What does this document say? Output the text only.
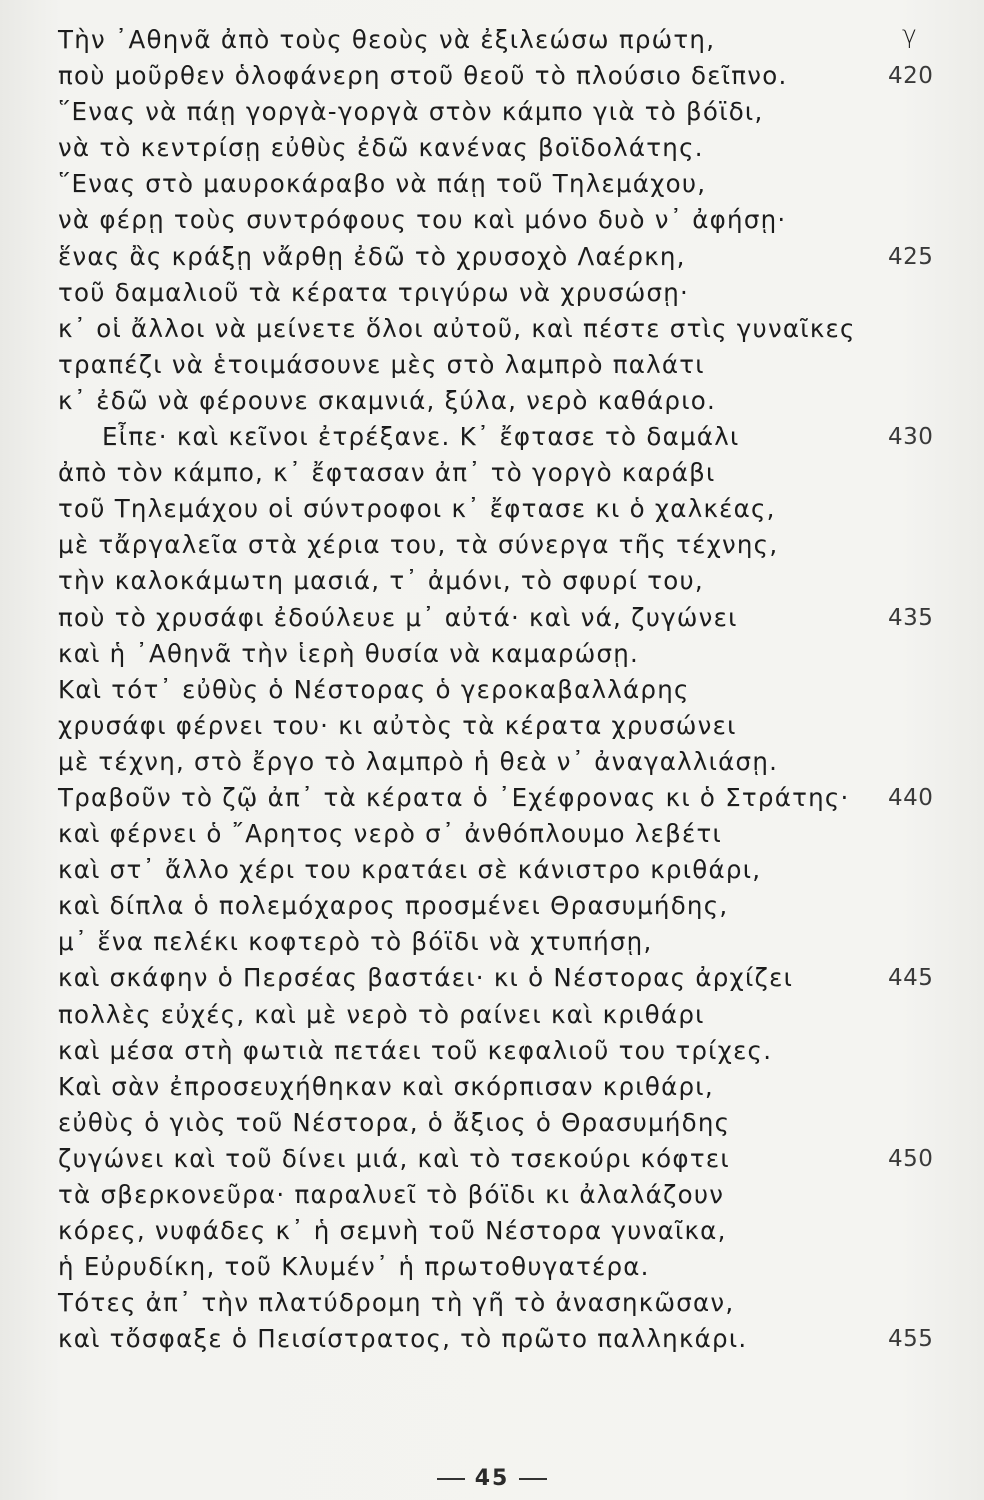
γ
Τὴν ᾽Αθηνᾶ ἀπὸ τοὺς θεοὺς νὰ ἐξιλεώσω πρώτη,
ποὺ μοῦρθεν ὁλοφάνερη στοῦ θεοῦ τὸ πλούσιο δεῖπνο.	420
῞Ενας νὰ πάῃ γοργὰ-γοργὰ στὸν κάμπο γιὰ τὸ βόϊδι,
νὰ τὸ κεντρίσῃ εὐθὺς ἐδῶ κανένας βοϊδολάτης.
῞Ενας στὸ μαυροκάραβο νὰ πάῃ τοῦ Τηλεμάχου,
νὰ φέρῃ τοὺς συντρόφους του καὶ μόνο δυὸ ν᾽ ἀφήσῃ·
ἕνας ἂς κράξῃ νἄρθῃ ἐδῶ τὸ χρυσοχὸ Λαέρκη,	425
τοῦ δαμαλιοῦ τὰ κέρατα τριγύρω νὰ χρυσώσῃ·
κ᾽ οἱ ἄλλοι νὰ μείνετε ὅλοι αὐτοῦ, καὶ πέστε στὶς γυναῖκες
τραπέζι νὰ ἑτοιμάσουνε μὲς στὸ λαμπρὸ παλάτι
κ᾽ ἐδῶ νὰ φέρουνε σκαμνιά, ξύλα, νερὸ καθάριο.
Εἶπε· καὶ κεῖνοι ἐτρέξανε. Κ᾽ ἔφτασε τὸ δαμάλι	430
ἀπὸ τὸν κάμπο, κ᾽ ἔφτασαν ἀπ᾽ τὸ γοργὸ καράβι
τοῦ Τηλεμάχου οἱ σύντροφοι κ᾽ ἔφτασε κι ὁ χαλκέας,
μὲ τἄργαλεῖα στὰ χέρια του, τὰ σύνεργα τῆς τέχνης,
τὴν καλοκάμωτη μασιά, τ᾽ ἀμόνι, τὸ σφυρί του,
ποὺ τὸ χρυσάφι ἐδούλευε μ᾽ αὐτά· καὶ νά, ζυγώνει	435
καὶ ἡ ᾽Αθηνᾶ τὴν ἱερὴ θυσία νὰ καμαρώσῃ.
Καὶ τότ᾽ εὐθὺς ὁ Νέστορας ὁ γεροκαβαλλάρης
χρυσάφι φέρνει του· κι αὐτὸς τὰ κέρατα χρυσώνει
μὲ τέχνη, στὸ ἔργο τὸ λαμπρὸ ἡ θεὰ ν᾽ ἀναγαλλιάσῃ.
Τραβοῦν τὸ ζῷ ἀπ᾽ τὰ κέρατα ὁ ᾽Εχέφρονας κι ὁ Στράτης· 440
καὶ φέρνει ὁ ῎Αρητος νερὸ σ᾽ ἀνθόπλουμο λεβέτι
καὶ στ᾽ ἄλλο χέρι του κρατάει σὲ κάνιστρο κριθάρι,
καὶ δίπλα ὁ πολεμόχαρος προσμένει Θρασυμήδης,
μ᾽ ἕνα πελέκι κοφτερὸ τὸ βόϊδι νὰ χτυπήσῃ,
καὶ σκάφην ὁ Περσέας βαστάει· κι ὁ Νέστορας ἀρχίζει	445
πολλὲς εὐχές, καὶ μὲ νερὸ τὸ ραίνει καὶ κριθάρι
καὶ μέσα στὴ φωτιὰ πετάει τοῦ κεφαλιοῦ του τρίχες.
Καὶ σὰν ἐπροσευχήθηκαν καὶ σκόρπισαν κριθάρι,
εὐθὺς ὁ γιὸς τοῦ Νέστορα, ὁ ἄξιος ὁ Θρασυμήδης
ζυγώνει καὶ τοῦ δίνει μιά, καὶ τὸ τσεκούρι κόφτει	450
τὰ σβερκονεῦρα· παραλυεῖ τὸ βόϊδι κι ἀλαλάζουν
κόρες, νυφάδες κ᾽ ἡ σεμνὴ τοῦ Νέστορα γυναῖκα,
ἡ Εὐρυδίκη, τοῦ Κλυμέν᾽ ἡ πρωτοθυγατέρα.
Τότες ἀπ᾽ τὴν πλατύδρομη τὴ γῆ τὸ ἀνασηκῶσαν,
καὶ τὄσφαξε ὁ Πεισίστρατος, τὸ πρῶτο παλληκάρι.	455
45
